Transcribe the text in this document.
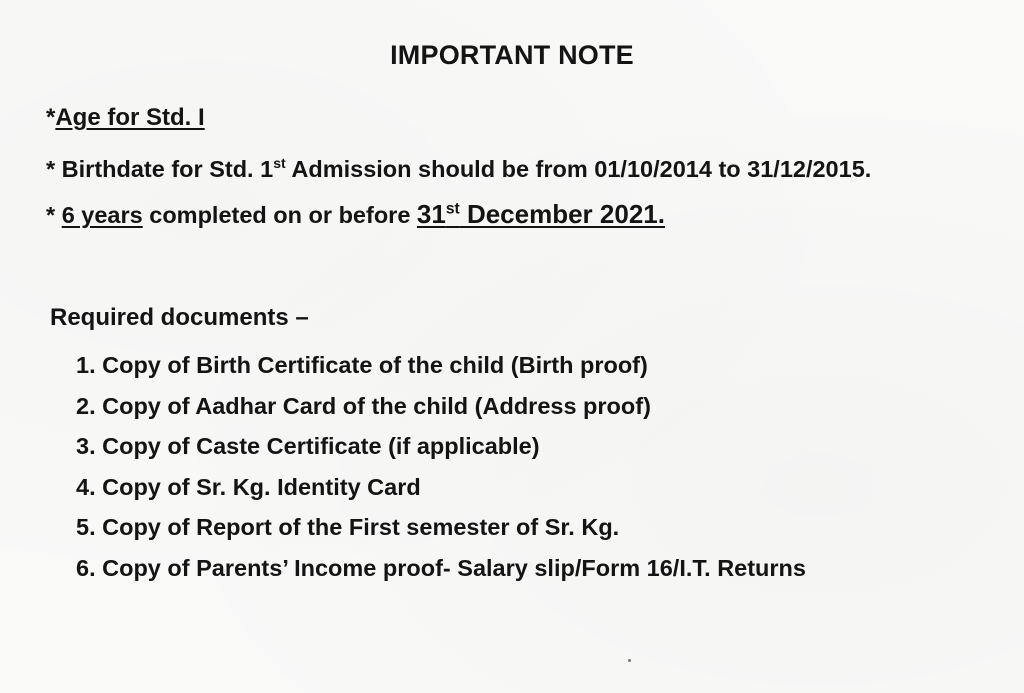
IMPORTANT NOTE
*Age for Std. I
* Birthdate for Std. 1st Admission should be from 01/10/2014 to 31/12/2015.
* 6 years completed on or before 31st December 2021.
Required documents –
1. Copy of Birth Certificate of the child (Birth proof)
2. Copy of Aadhar Card of the child (Address proof)
3. Copy of Caste Certificate (if applicable)
4. Copy of Sr. Kg. Identity Card
5. Copy of Report of the First semester of Sr. Kg.
6. Copy of Parents’ Income proof- Salary slip/Form 16/I.T. Returns
